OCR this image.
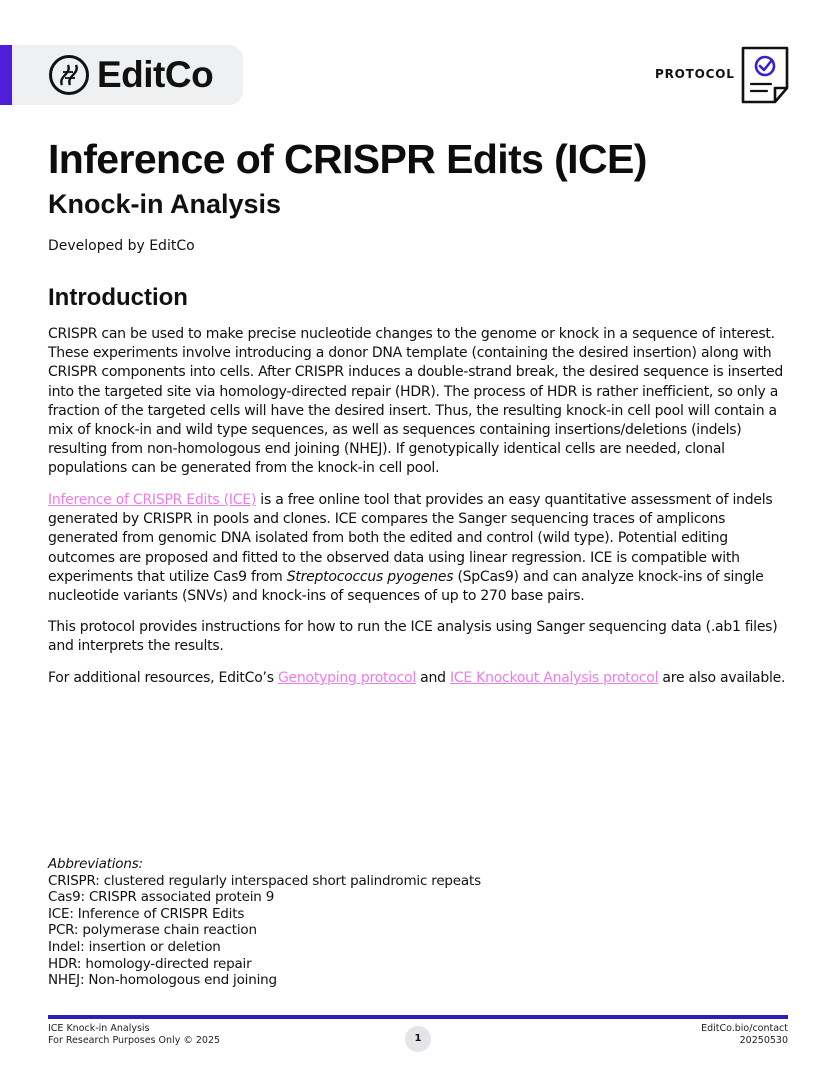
EditCo	PROTOCOL
Inference of CRISPR Edits (ICE)
Knock-in Analysis
Developed by EditCo
Introduction

CRISPR can be used to make precise nucleotide changes to the genome or knock in a sequence of interest. These experiments involve introducing a donor DNA template (containing the desired insertion) along with CRISPR components into cells. After CRISPR induces a double-strand break, the desired sequence is inserted into the targeted site via homology-directed repair (HDR). The process of HDR is rather inefficient, so only a fraction of the targeted cells will have the desired insert. Thus, the resulting knock-in cell pool will contain a mix of knock-in and wild type sequences, as well as sequences containing insertions/deletions (indels) resulting from non-homologous end joining (NHEJ). If genotypically identical cells are needed, clonal populations can be generated from the knock-in cell pool.

Inference of CRISPR Edits (ICE) is a free online tool that provides an easy quantitative assessment of indels generated by CRISPR in pools and clones. ICE compares the Sanger sequencing traces of amplicons generated from genomic DNA isolated from both the edited and control (wild type). Potential editing outcomes are proposed and fitted to the observed data using linear regression. ICE is compatible with experiments that utilize Cas9 from Streptococcus pyogenes (SpCas9) and can analyze knock-ins of single nucleotide variants (SNVs) and knock-ins of sequences of up to 270 base pairs.

This protocol provides instructions for how to run the ICE analysis using Sanger sequencing data (.ab1 files) and interprets the results.

For additional resources, EditCo’s Genotyping protocol and ICE Knockout Analysis protocol are also available.

Abbreviations:
CRISPR: clustered regularly interspaced short palindromic repeats
Cas9: CRISPR associated protein 9
ICE: Inference of CRISPR Edits
PCR: polymerase chain reaction
Indel: insertion or deletion
HDR: homology-directed repair
NHEJ: Non-homologous end joining
ICE Knock-in Analysis
For Research Purposes Only © 2025	1
EditCo.bio/contact
20250530
